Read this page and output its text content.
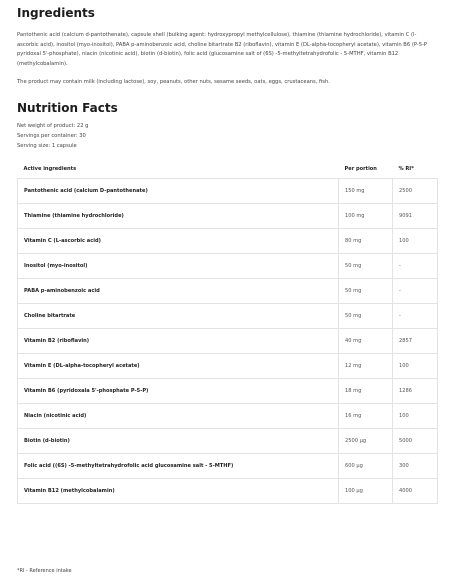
Ingredients

Pantothenic acid (calcium d-pantothenate), capsule shell (bulking agent: hydroxypropyl methylcellulose), thiamine (thiamine hydrochloride), vitamin C (l-ascorbic acid), inositol (myo-inositol), PABA p-aminobenzoic acid, choline bitartrate B2 (riboflavin), vitamin E (DL-alpha-tocopheryl acetate), vitamin B6 (P-5-P pyridoxal 5'-phosphate), niacin (nicotinic acid), biotin (d-biotin), folic acid (glucosamine salt of (6S) -5-methyltetrahydrofolic - 5-MTHF, vitamin B12 (methylcobalamin).

The product may contain milk (including lactose), soy, peanuts, other nuts, sesame seeds, oats, eggs, crustaceans, fish.

Nutrition Facts
Net weight of product: 22 g
Servings per container: 30
Serving size: 1 capsule
Active ingredients	Per portion	% RI*
Pantothenic acid (calcium D-pantothenate)	150 mg	2500
Thiamine (thiamine hydrochloride)	100 mg	9091
Vitamin C (L-ascorbic acid)	80 mg	100
Inositol (myo-inositol)	50 mg	-
PABA p-aminobenzoic acid	50 mg	-
Choline bitartrate	50 mg	-
Vitamin B2 (riboflavin)	40 mg	2857
Vitamin E (DL-alpha-tocopheryl acetate)	12 mg	100
Vitamin B6 (pyridoxala 5'-phosphate P-5-P)	18 mg	1286
Niacin (nicotinic acid)	16 mg	100
Biotin (d-biotin)	2500 µg	5000
Folic acid ((6S) -5-methyltetrahydrofolic acid glucosamine salt - 5-MTHF)	600 µg	300
Vitamin B12 (methylcobalamin)	100 µg	4000
*RI - Reference intake
